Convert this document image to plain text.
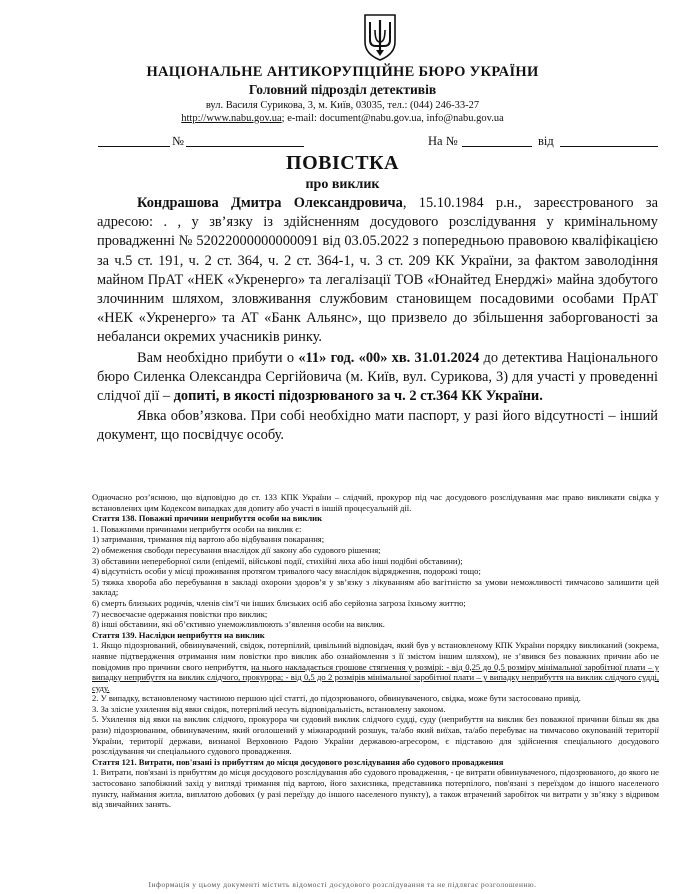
НАЦІОНАЛЬНЕ АНТИКОРУПЦІЙНЕ БЮРО УКРАЇНИ
Головний підрозділ детективів
вул. Василя Сурикова, 3, м. Київ, 03035, тел.: (044) 246-33-27
http://www.nabu.gov.ua; e-mail: document@nabu.gov.ua, info@nabu.gov.ua
№	На №	від
ПОВІСТКА
про виклик

Кондрашова Дмитра Олександровича, 15.10.1984 р.н., зареєстрованого за адресою: . , у зв’язку із здійсненням досудового розслідування у кримінальному провадженні № 52022000000000091 від 03.05.2022 з попередньою правовою кваліфікацією за ч.5 ст. 191, ч. 2 ст. 364, ч. 2 ст. 364-1, ч. 3 ст. 209 КК України, за фактом заволодіння майном ПрАТ «НЕК «Укренерго» та легалізації ТОВ «Юнайтед Енерджі» майна здобутого злочинним шляхом, зловживання службовим становищем посадовими особами ПрАТ «НЕК «Укренерго» та АТ «Банк Альянс», що призвело до збільшення заборгованості за небаланси окремих учасників ринку.

Вам необхідно прибути о «11» год. «00» хв. 31.01.2024 до детектива Національного бюро Силенка Олександра Сергійовича (м. Київ, вул. Сурикова, 3) для участі у проведенні слідчої дії – допиті, в якості підозрюваного за ч. 2 ст.364 КК України.

Явка обов’язкова. При собі необхідно мати паспорт, у разі його відсутності – інший документ, що посвідчує особу.

Одночасно роз’яснюю, що відповідно до ст. 133 КПК України – слідчий, прокурор під час досудового розслідування має право викликати свідка у встановлених цим Кодексом випадках для допиту або участі в іншій процесуальній дії.

Стаття 138. Поважні причини неприбуття особи на виклик

1. Поважними причинами неприбуття особи на виклик є:

1) затримання, тримання під вартою або відбування покарання;

2) обмеження свободи пересування внаслідок дії закону або судового рішення;

3) обставини непереборної сили (епідемії, військові події, стихійні лиха або інші подібні обставини);

4) відсутність особи у місці проживання протягом тривалого часу внаслідок відрядження, подорожі тощо;

5) тяжка хвороба або перебування в закладі охорони здоров’я у зв’язку з лікуванням або вагітністю за умови неможливості тимчасово залишити цей заклад;

6) смерть близьких родичів, членів сім’ї чи інших близьких осіб або серйозна загроза їхньому життю;

7) несвоєчасне одержання повістки про виклик;

8) інші обставини, які об’єктивно унеможливлюють з’явлення особи на виклик.

Стаття 139. Наслідки неприбуття на виклик

1. Якщо підозрюваний, обвинувачений, свідок, потерпілий, цивільний відповідач, який був у встановленому КПК України порядку викликаний (зокрема, наявне підтвердження отримання ним повістки про виклик або ознайомлення з її змістом іншим шляхом), не з’явився без поважних причин або не повідомив про причини свого неприбуття, на нього накладається грошове стягнення у розмірі: - від 0,25 до 0,5 розміру мінімальної заробітної плати – у випадку неприбуття на виклик слідчого, прокурора; - від 0,5 до 2 розмірів мінімальної заробітної плати – у випадку неприбуття на виклик слідчого судді, суду.

2. У випадку, встановленому частиною першою цієї статті, до підозрюваного, обвинуваченого, свідка, може бути застосовано привід.

3. За злісне ухилення від явки свідок, потерпілий несуть відповідальність, встановлену законом.

5. Ухилення від явки на виклик слідчого, прокурора чи судовий виклик слідчого судді, суду (неприбуття на виклик без поважної причини більш як два рази) підозрюваним, обвинуваченим, який оголошений у міжнародний розшук, та/або який виїхав, та/або перебуває на тимчасово окупованій території України, території держави, визнаної Верховною Радою України державою-агресором, є підставою для здійснення спеціального досудового розслідування чи спеціального судового провадження.

Стаття 121. Витрати, пов'язані із прибуттям до місця досудового розслідування або судового провадження

1. Витрати, пов'язані із прибуттям до місця досудового розслідування або судового провадження, - це витрати обвинуваченого, підозрюваного, до якого не застосовано запобіжний захід у вигляді тримання під вартою, його захисника, представника потерпілого, пов'язані з переїздом до іншого населеного пункту, наймання житла, виплатою добових (у разі переїзду до іншого населеного пункту), а також втрачений заробіток чи витрати у зв’язку з відривом від звичайних занять.

Інформація у цьому документі містить відомості досудового розслідування та не підлягає розголошенню.
